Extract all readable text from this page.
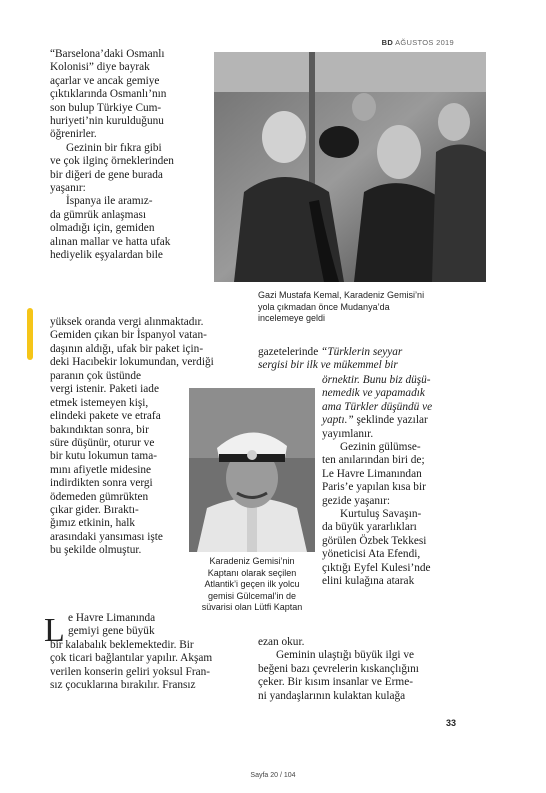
BD AĞUSTOS 2019

“Barselona’daki Osmanlı

Kolonisi” diye bayrak

açarlar ve ancak gemiye

çıktıklarında Osmanlı’nın

son bulup Türkiye Cum-

huriyeti’nin kurulduğunu

öğrenirler.

Gezinin bir fıkra gibi

ve çok ilginç örneklerinden

bir diğeri de gene burada

yaşanır:

İspanya ile aramız-

da gümrük anlaşması

olmadığı için, gemiden

alınan mallar ve hatta ufak

hediyelik eşyalardan bile

yüksek oranda vergi alınmaktadır.

Gemiden çıkan bir İspanyol vatan-

daşının aldığı, ufak bir paket için-

deki Hacıbekir lokumundan, verdiği

paranın çok üstünde

vergi istenir. Paketi iade

etmek istemeyen kişi,

elindeki pakete ve etrafa

bakındıktan sonra, bir

süre düşünür, oturur ve

bir kutu lokumun tama-

mını afiyetle midesine

indirdikten sonra vergi

ödemeden gümrükten

çıkar gider. Bıraktı-

ğımız etkinin, halk

arasındaki yansıması işte

bu şekilde olmuştur.

L e Havre Limanında

gemiyi gene büyük

bir kalabalık beklemektedir. Bir

çok ticari bağlantılar yapılır. Akşam

verilen konserin geliri yoksul Fran-

sız çocuklarına bırakılır. Fransız

Gazi Mustafa Kemal, Karadeniz Gemisi’ni

yola çıkmadan önce Mudanya’da

incelemeye geldi

gazetelerinde “Türklerin seyyar

sergisi bir ilk ve mükemmel bir

örnektir. Bunu biz düşü-

nemedik ve yapamadık

ama Türkler düşündü ve

yaptı.” şeklinde yazılar

yayımlanır.

Gezinin gülümse-

ten anılarından biri de;

Le Havre Limanından

Paris’e yapılan kısa bir

gezide yaşanır:

Kurtuluş Savaşın-

da büyük yararlıkları

görülen Özbek Tekkesi

yöneticisi Ata Efendi,

çıktığı Eyfel Kulesi’nde

elini kulağına atarak

ezan okur.

Geminin ulaştığı büyük ilgi ve

beğeni bazı çevrelerin kıskançlığını

çeker. Bir kısım insanlar ve Erme-

ni yandaşlarının kulaktan kulağa

Karadeniz Gemisi’nin

Kaptanı olarak seçilen

Atlantik’i geçen ilk yolcu

gemisi Gülcemal’in de

süvarisi olan Lütfi Kaptan

33
Sayfa 20 / 104
